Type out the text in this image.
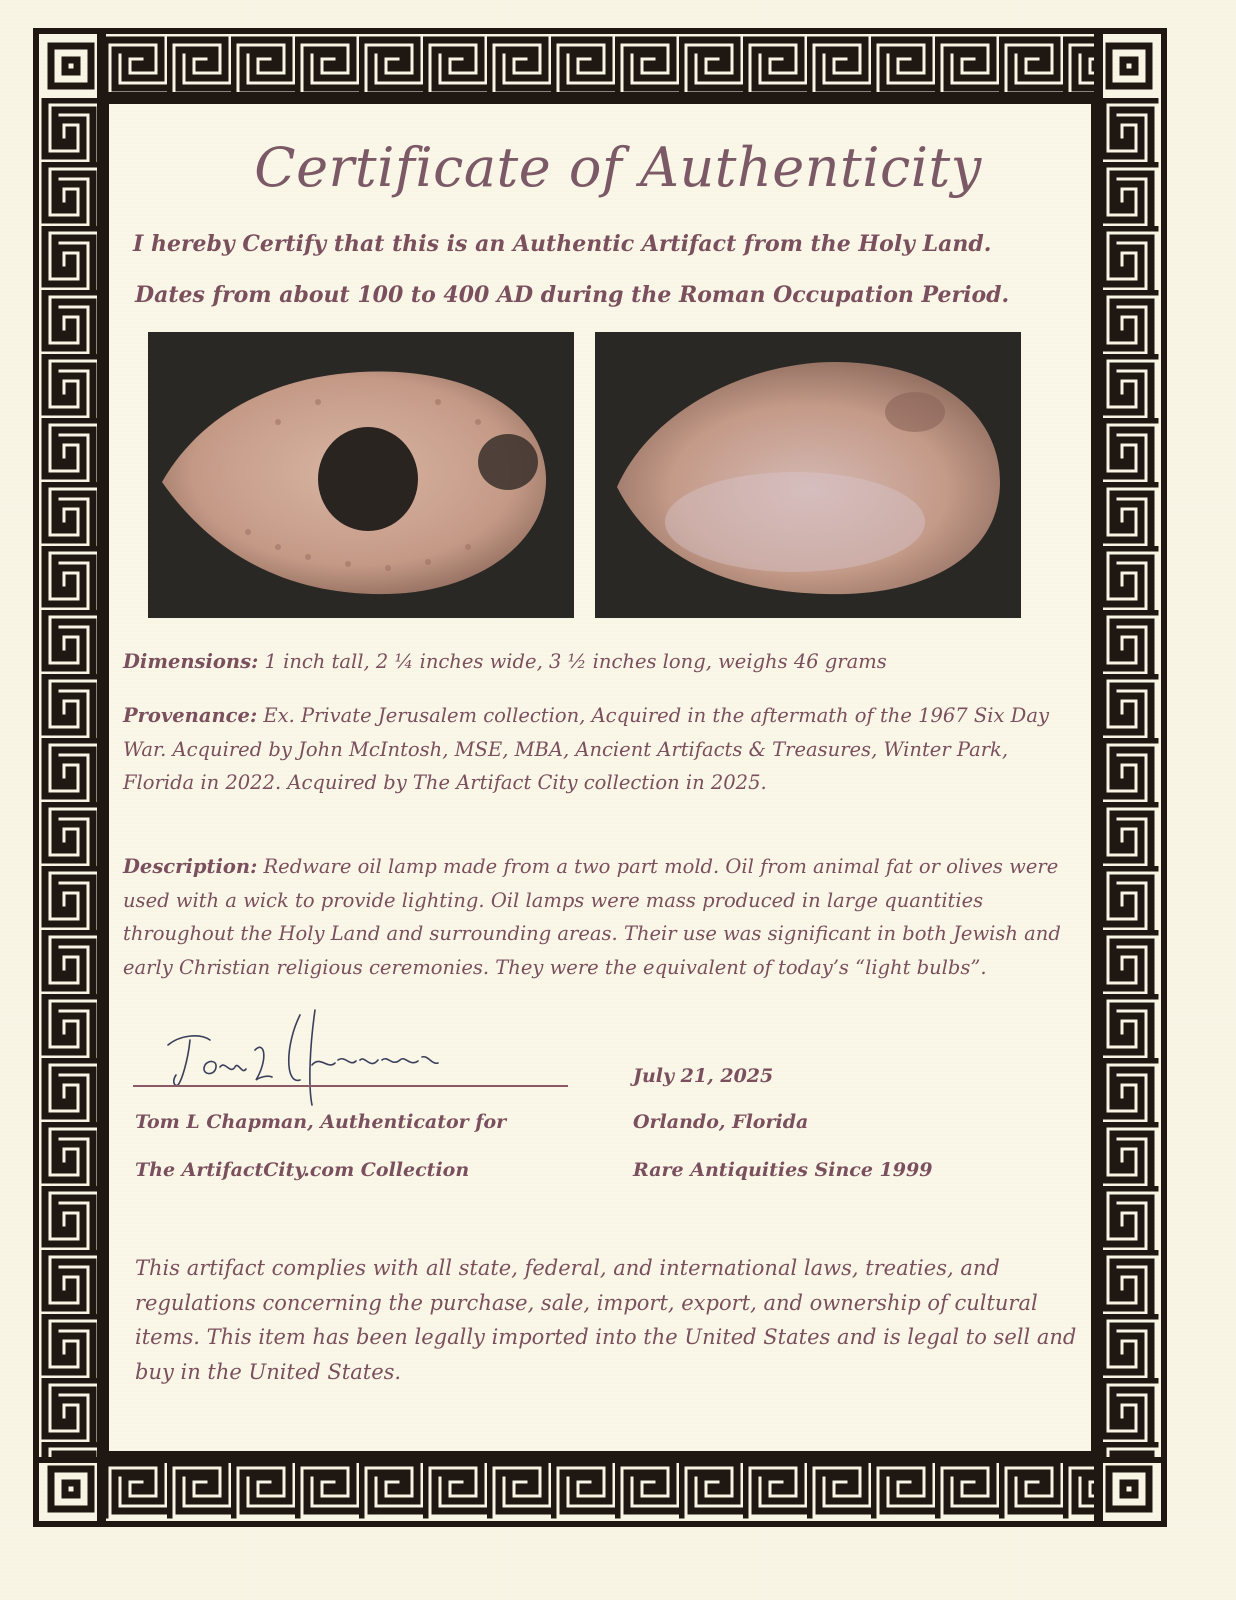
Certificate of Authenticity
I hereby Certify that this is an Authentic Artifact from the Holy Land.
Dates from about 100 to 400 AD during the Roman Occupation Period.
Dimensions: 1 inch tall, 2 ¼ inches wide, 3 ½ inches long, weighs 46 grams
Provenance: Ex. Private Jerusalem collection, Acquired in the aftermath of the 1967 Six Day War. Acquired by John McIntosh, MSE, MBA, Ancient Artifacts & Treasures, Winter Park, Florida in 2022. Acquired by The Artifact City collection in 2025.
Description: Redware oil lamp made from a two part mold. Oil from animal fat or olives were used with a wick to provide lighting. Oil lamps were mass produced in large quantities throughout the Holy Land and surrounding areas. Their use was significant in both Jewish and early Christian religious ceremonies. They were the equivalent of today’s “light bulbs”.
Tom L Chapman, Authenticator for
The ArtifactCity.com Collection
July 21, 2025
Orlando, Florida
Rare Antiquities Since 1999
This artifact complies with all state, federal, and international laws, treaties, and regulations concerning the purchase, sale, import, export, and ownership of cultural items. This item has been legally imported into the United States and is legal to sell and buy in the United States.
